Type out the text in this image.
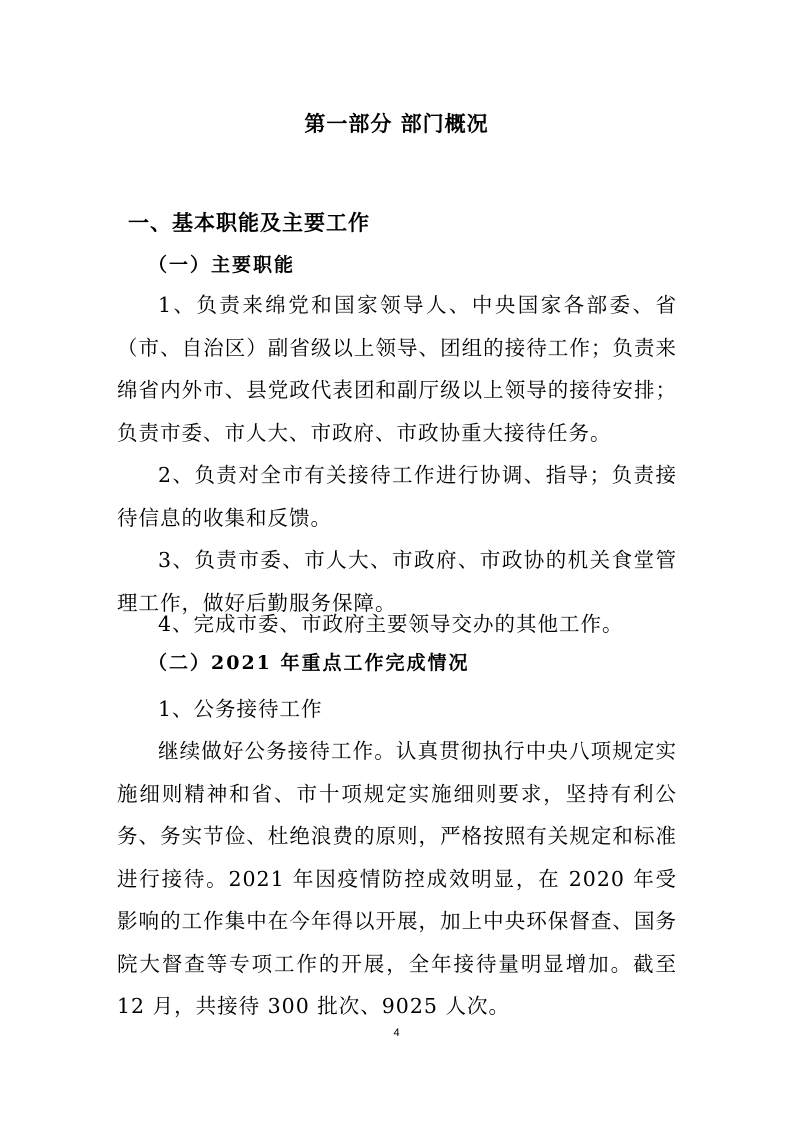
第一部分 部门概况
一、基本职能及主要工作
（一）主要职能

1、负责来绵党和国家领导人、中央国家各部委、省（市、自治区）副省级以上领导、团组的接待工作；负责来绵省内外市、县党政代表团和副厅级以上领导的接待安排；负责市委、市人大、市政府、市政协重大接待任务。

2、负责对全市有关接待工作进行协调、指导；负责接待信息的收集和反馈。

3、负责市委、市人大、市政府、市政协的机关食堂管理工作，做好后勤服务保障。

4、完成市委、市政府主要领导交办的其他工作。

（二）2021 年重点工作完成情况

1、公务接待工作

继续做好公务接待工作。认真贯彻执行中央八项规定实施细则精神和省、市十项规定实施细则要求，坚持有利公务、务实节俭、杜绝浪费的原则，严格按照有关规定和标准进行接待。2021 年因疫情防控成效明显，在 2020 年受影响的工作集中在今年得以开展，加上中央环保督查、国务院大督查等专项工作的开展，全年接待量明显增加。截至 12 月，共接待 300 批次、9025 人次。

4
